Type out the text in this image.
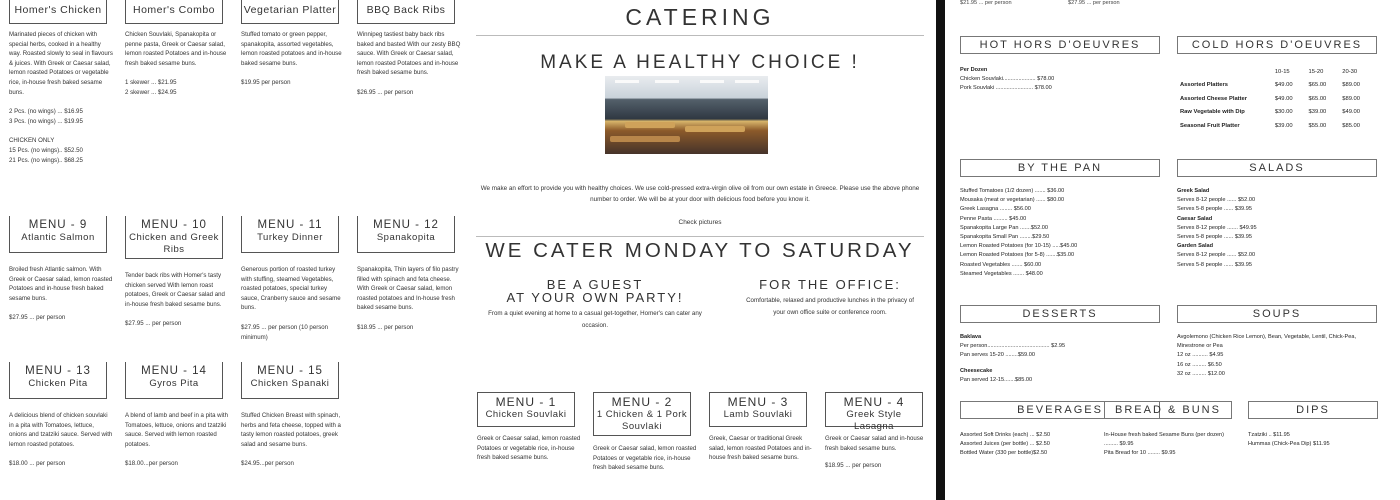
Homer's Chicken
Marinated pieces of chicken with special herbs, cooked in a healthy way. Roasted slowly to seal in flavours & juices. With Greek or Caesar salad, lemon roasted Potatoes or vegetable rice, in-house fresh baked sesame buns.
2 Pcs. (no wings) ... $16.95
3 Pcs. (no wings) ... $19.95
CHICKEN ONLY
15 Pcs. (no wings).. $52.50
21 Pcs. (no wings).. $68.25
Homer's Combo
Chicken Souvlaki, Spanakopita or penne pasta, Greek or Caesar salad, lemon roasted Potatoes and in-house fresh baked sesame buns.
1 skewer ... $21.95
2 skewer ... $24.95
Vegetarian Platter
Stuffed tomato or green pepper, spanakopita, assorted vegetables, lemon roasted potatoes and in-house baked sesame buns.
$19.95 per person
BBQ Back Ribs
Winnipeg tastiest baby back ribs baked and basted With our zesty BBQ sauce. With Greek or Caesar salad, lemon roasted Potatoes and in-house fresh baked sesame buns.
$26.95 ... per person
MENU - 9
Atlantic Salmon
Broiled fresh Atlantic salmon. With Greek or Caesar salad, lemon roasted Potatoes and in-house fresh baked sesame buns.
$27.95 ... per person
MENU - 10
Chicken and Greek Ribs
Tender back ribs with Homer's tasty chicken served With lemon roast potatoes, Greek or Caesar salad and in-house fresh baked sesame buns.
$27.95 ... per person
MENU - 11
Turkey Dinner
Generous portion of roasted turkey with stuffing, steamed Vegetables, roasted potatoes, special turkey sauce, Cranberry sauce and sesame buns.
$27.95 ... per person (10 person minimum)
MENU - 12
Spanakopita
Spanakopita, Thin layers of filo pastry filled with spinach and feta cheese. With Greek or Caesar salad, lemon roasted potatoes and In-house fresh baked sesame buns.
$18.95 ... per person
MENU - 13
Chicken Pita
A delicious blend of chicken souvlaki in a pita with Tomatoes, lettuce, onions and tzatziki sauce. Served with lemon roasted potatoes.
$18.00 ... per person
MENU - 14
Gyros Pita
A blend of lamb and beef in a pita with Tomatoes, lettuce, onions and tzatziki sauce. Served with lemon roasted potatoes.
$18.00...per person
MENU - 15
Chicken Spanaki
Stuffed Chicken Breast with spinach, herbs and feta cheese, topped with a tasty lemon roasted potatoes, greek salad and sesame buns.
$24.95...per person
CATERING
MAKE A HEALTHY CHOICE !
We make an effort to provide you with healthy choices. We use cold-pressed extra-virgin olive oil from our own estate in Greece. Please use the above phone number to order. We will be at your door with delicious food before you know it.
Check pictures
WE CATER MONDAY TO SATURDAY
BE A GUEST
AT YOUR OWN PARTY!
From a quiet evening at home to a casual get-together, Homer's can cater any occasion.
FOR THE OFFICE:
Comfortable, relaxed and productive lunches in the privacy of your own office suite or conference room.
MENU - 1
Chicken Souvlaki
Greek or Caesar salad, lemon roasted Potatoes or vegetable rice, in-house fresh baked sesame buns.
MENU - 2
1 Chicken & 1 Pork Souvlaki
Greek or Caesar salad, lemon roasted Potatoes or vegetable rice, in-house fresh baked sesame buns.
MENU - 3
Lamb Souvlaki
Greek, Caesar or traditional Greek salad, lemon roasted Potatoes and in-house fresh baked sesame buns.
MENU - 4
Greek Style Lasagna
Greek or Caesar salad and in-house fresh baked sesame buns.
$18.95 ... per person
$21.95 ... per person	$27.95 ... per person
HOT HORS D'OEUVRES
Per Dozen
Chicken Souvlaki..................... $78.00
Pork Souvlaki ........................ $78.00
COLD HORS D'OEUVRES
	10-15	15-20	20-30
Assorted Platters	$49.00	$65.00	$89.00
Assorted Cheese Platter	$49.00	$65.00	$89.00
Raw Vegetable with Dip	$30.00	$39.00	$49.00
Seasonal Fruit Platter	$39.00	$55.00	$85.00
BY THE PAN
Stuffed Tomatoes (1/2 dozen) ....... $36.00
Mousaka (meat or vegetarian) ...... $80.00
Greek Lasagna ........ $56.00
Penne Pasta ......... $45.00
Spanakopita Large Pan .......$52.00
Spanakopita Small Pan ........$29.50
Lemon Roasted Potatoes (for 10-15) .....$45.00
Lemon Roasted Potatoes (for 5-8) .......$35.00
Roasted Vegetables ....... $60.00
Steamed Vegetables ....... $48.00
SALADS
Greek Salad
Serves 8-12 people ...... $52.00
Serves 5-8 people ...... $39.95
Caesar Salad
Serves 8-12 people ....... $49.95
Serves 5-8 people ...... $39.95
Garden Salad
Serves 8-12 people ...... $52.00
Serves 5-8 people ...... $39.95
DESSERTS
Baklava
Per person........................................ $2.95
Pan serves 15-20 ........$59.00
Cheesecake
Pan served 12-15.......$85.00
SOUPS
Avgolemono (Chicken Rice Lemon), Bean, Vegetable, Lentil, Chick-Pea, Minestrone or Pea
12 oz .......... $4.95
16 oz ......... $6.50
32 oz ......... $12.00
BEVERAGES
Assorted Soft Drinks (each) ... $2.50
Assorted Juices (per bottle) ... $2.50
Bottled Water (330 per bottle)$2.50
BREAD & BUNS
In-House fresh baked Sesame Buns (per dozen) ......... $9.95
Pita Bread for 10 ........ $9.95
DIPS
Tzatziki .. $11.95
Hummas (Chick-Pea Dip) $11.95
